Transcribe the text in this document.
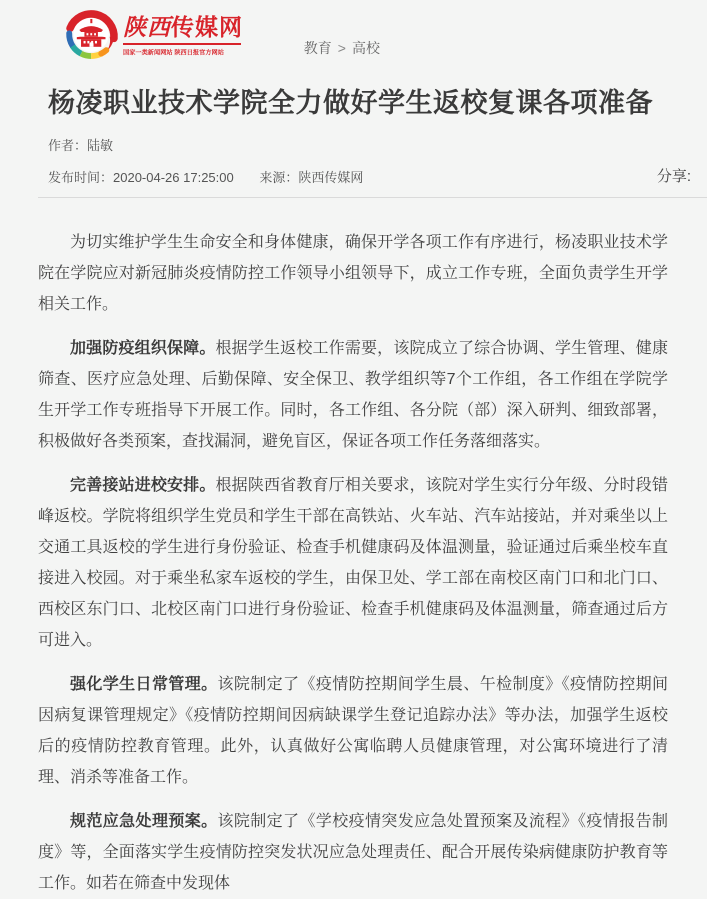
陕西传媒网
国家一类新闻网站 陕西日报官方网站	教育 > 高校
杨凌职业技术学院全力做好学生返校复课各项准备
作者：陆敏
发布时间：2020-04-26 17:25:00 来源：陕西传媒网	分享:

为切实维护学生生命安全和身体健康，确保开学各项工作有序进行，杨凌职业技术学院在学院应对新冠肺炎疫情防控工作领导小组领导下，成立工作专班，全面负责学生开学相关工作。

加强防疫组织保障。根据学生返校工作需要，该院成立了综合协调、学生管理、健康筛查、医疗应急处理、后勤保障、安全保卫、教学组织等7个工作组，各工作组在学院学生开学工作专班指导下开展工作。同时，各工作组、各分院（部）深入研判、细致部署，积极做好各类预案，查找漏洞，避免盲区，保证各项工作任务落细落实。

完善接站进校安排。根据陕西省教育厅相关要求，该院对学生实行分年级、分时段错峰返校。学院将组织学生党员和学生干部在高铁站、火车站、汽车站接站，并对乘坐以上交通工具返校的学生进行身份验证、检查手机健康码及体温测量，验证通过后乘坐校车直接进入校园。对于乘坐私家车返校的学生，由保卫处、学工部在南校区南门口和北门口、西校区东门口、北校区南门口进行身份验证、检查手机健康码及体温测量，筛查通过后方可进入。

强化学生日常管理。该院制定了《疫情防控期间学生晨、午检制度》《疫情防控期间因病复课管理规定》《疫情防控期间因病缺课学生登记追踪办法》等办法，加强学生返校后的疫情防控教育管理。此外，认真做好公寓临聘人员健康管理，对公寓环境进行了清理、消杀等准备工作。

规范应急处理预案。该院制定了《学校疫情突发应急处置预案及流程》《疫情报告制度》等，全面落实学生疫情防控突发状况应急处理责任、配合开展传染病健康防护教育等工作。如若在筛查中发现体
